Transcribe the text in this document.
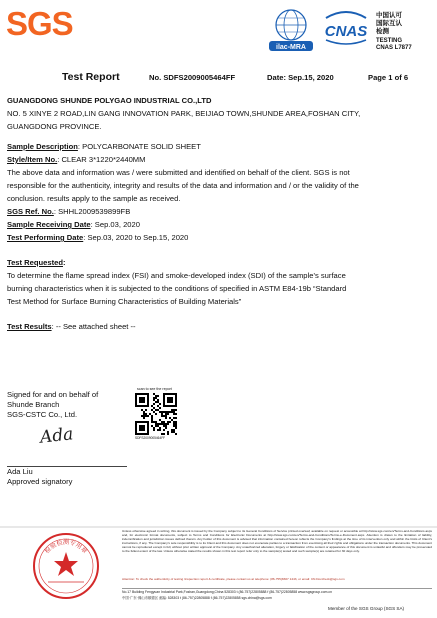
SGS
ilac-MRA
CNAS
中国认可
国际互认
检测
TESTING
CNAS L7877
Test Report	No. SDFS2009005464FF	Date: Sep.15, 2020	Page 1 of 6
GUANGDONG SHUNDE POLYGAO INDUSTRIAL CO.,LTD
NO. 5 XINYE 2 ROAD,LIN GANG INNOVATION PARK, BEIJIAO TOWN,SHUNDE AREA,FOSHAN CITY,
GUANGDONG PROVINCE.
Sample Description: POLYCARBONATE SOLID SHEET
Style/Item No.: CLEAR 3*1220*2440MM
The above data and information was / were submitted and identified on behalf of the client. SGS is not
responsible for the authenticity, integrity and results of the data and information and / or the validity of the
conclusion. results apply to the sample as received.
SGS Ref. No.: SHHL2009539899FB
Sample Receiving Date: Sep.03, 2020
Test Performing Date: Sep.03, 2020 to Sep.15, 2020
Test Requested:
To determine the flame spread index (FSI) and smoke-developed index (SDI) of the sample’s surface
burning characteristics when it is subjected to the conditions of specified in ASTM E84-19b “Standard
Test Method for Surface Burning Characteristics of Building Materials”
Test Results: -- See attached sheet --
Signed for and on behalf of
Shunde Branch
SGS-CSTC Co., Ltd.
Ada
Ada Liu
Approved signatory
scan to see the report
SDFS2009005464FF
检验检测专用章
Unless otherwise agreed in writing, this document is issued by the Company subject to its General Conditions of Service printed overleaf, available on request or accessible at http://www.sgs.com/en/Terms-and-Conditions.aspx and, for electronic format documents, subject to Terms and Conditions for Electronic Documents at http://www.sgs.com/en/Terms-and-Conditions/Terms-e-Document.aspx. Attention is drawn to the limitation of liability, indemnification and jurisdiction issues defined therein. Any holder of this document is advised that information contained hereon reflects the Company's findings at the time of its intervention only and within the limits of Client's instructions, if any. The Company's sole responsibility is to its Client and this document does not exonerate parties to a transaction from exercising all their rights and obligations under the transaction documents. This document cannot be reproduced except in full, without prior written approval of the Company. Any unauthorized alteration, forgery or falsification of the content or appearance of this document is unlawful and offenders may be prosecuted to the fullest extent of the law. Unless otherwise stated the results shown in this test report refer only to the sample(s) tested and such sample(s) are retained for 30 days only.
Attention: To check the authenticity of testing /inspection report & certificate, please contact us at telephone: (86-755)8307 1443, or email: CN.Doccheck@sgs.com
No.17 Building Fengyuan Industrial Park,Foshan,Guangdong,China 528303 t (86-757)22805888 f (86-757)22805858 www.sgsgroup.com.cn
中国·广东·佛山市顺德区 邮编: 528303 t (86-757)22805888 f (86-757)22805858 sgs.china@sgs.com
Member of the SGS Group (SGS SA)
